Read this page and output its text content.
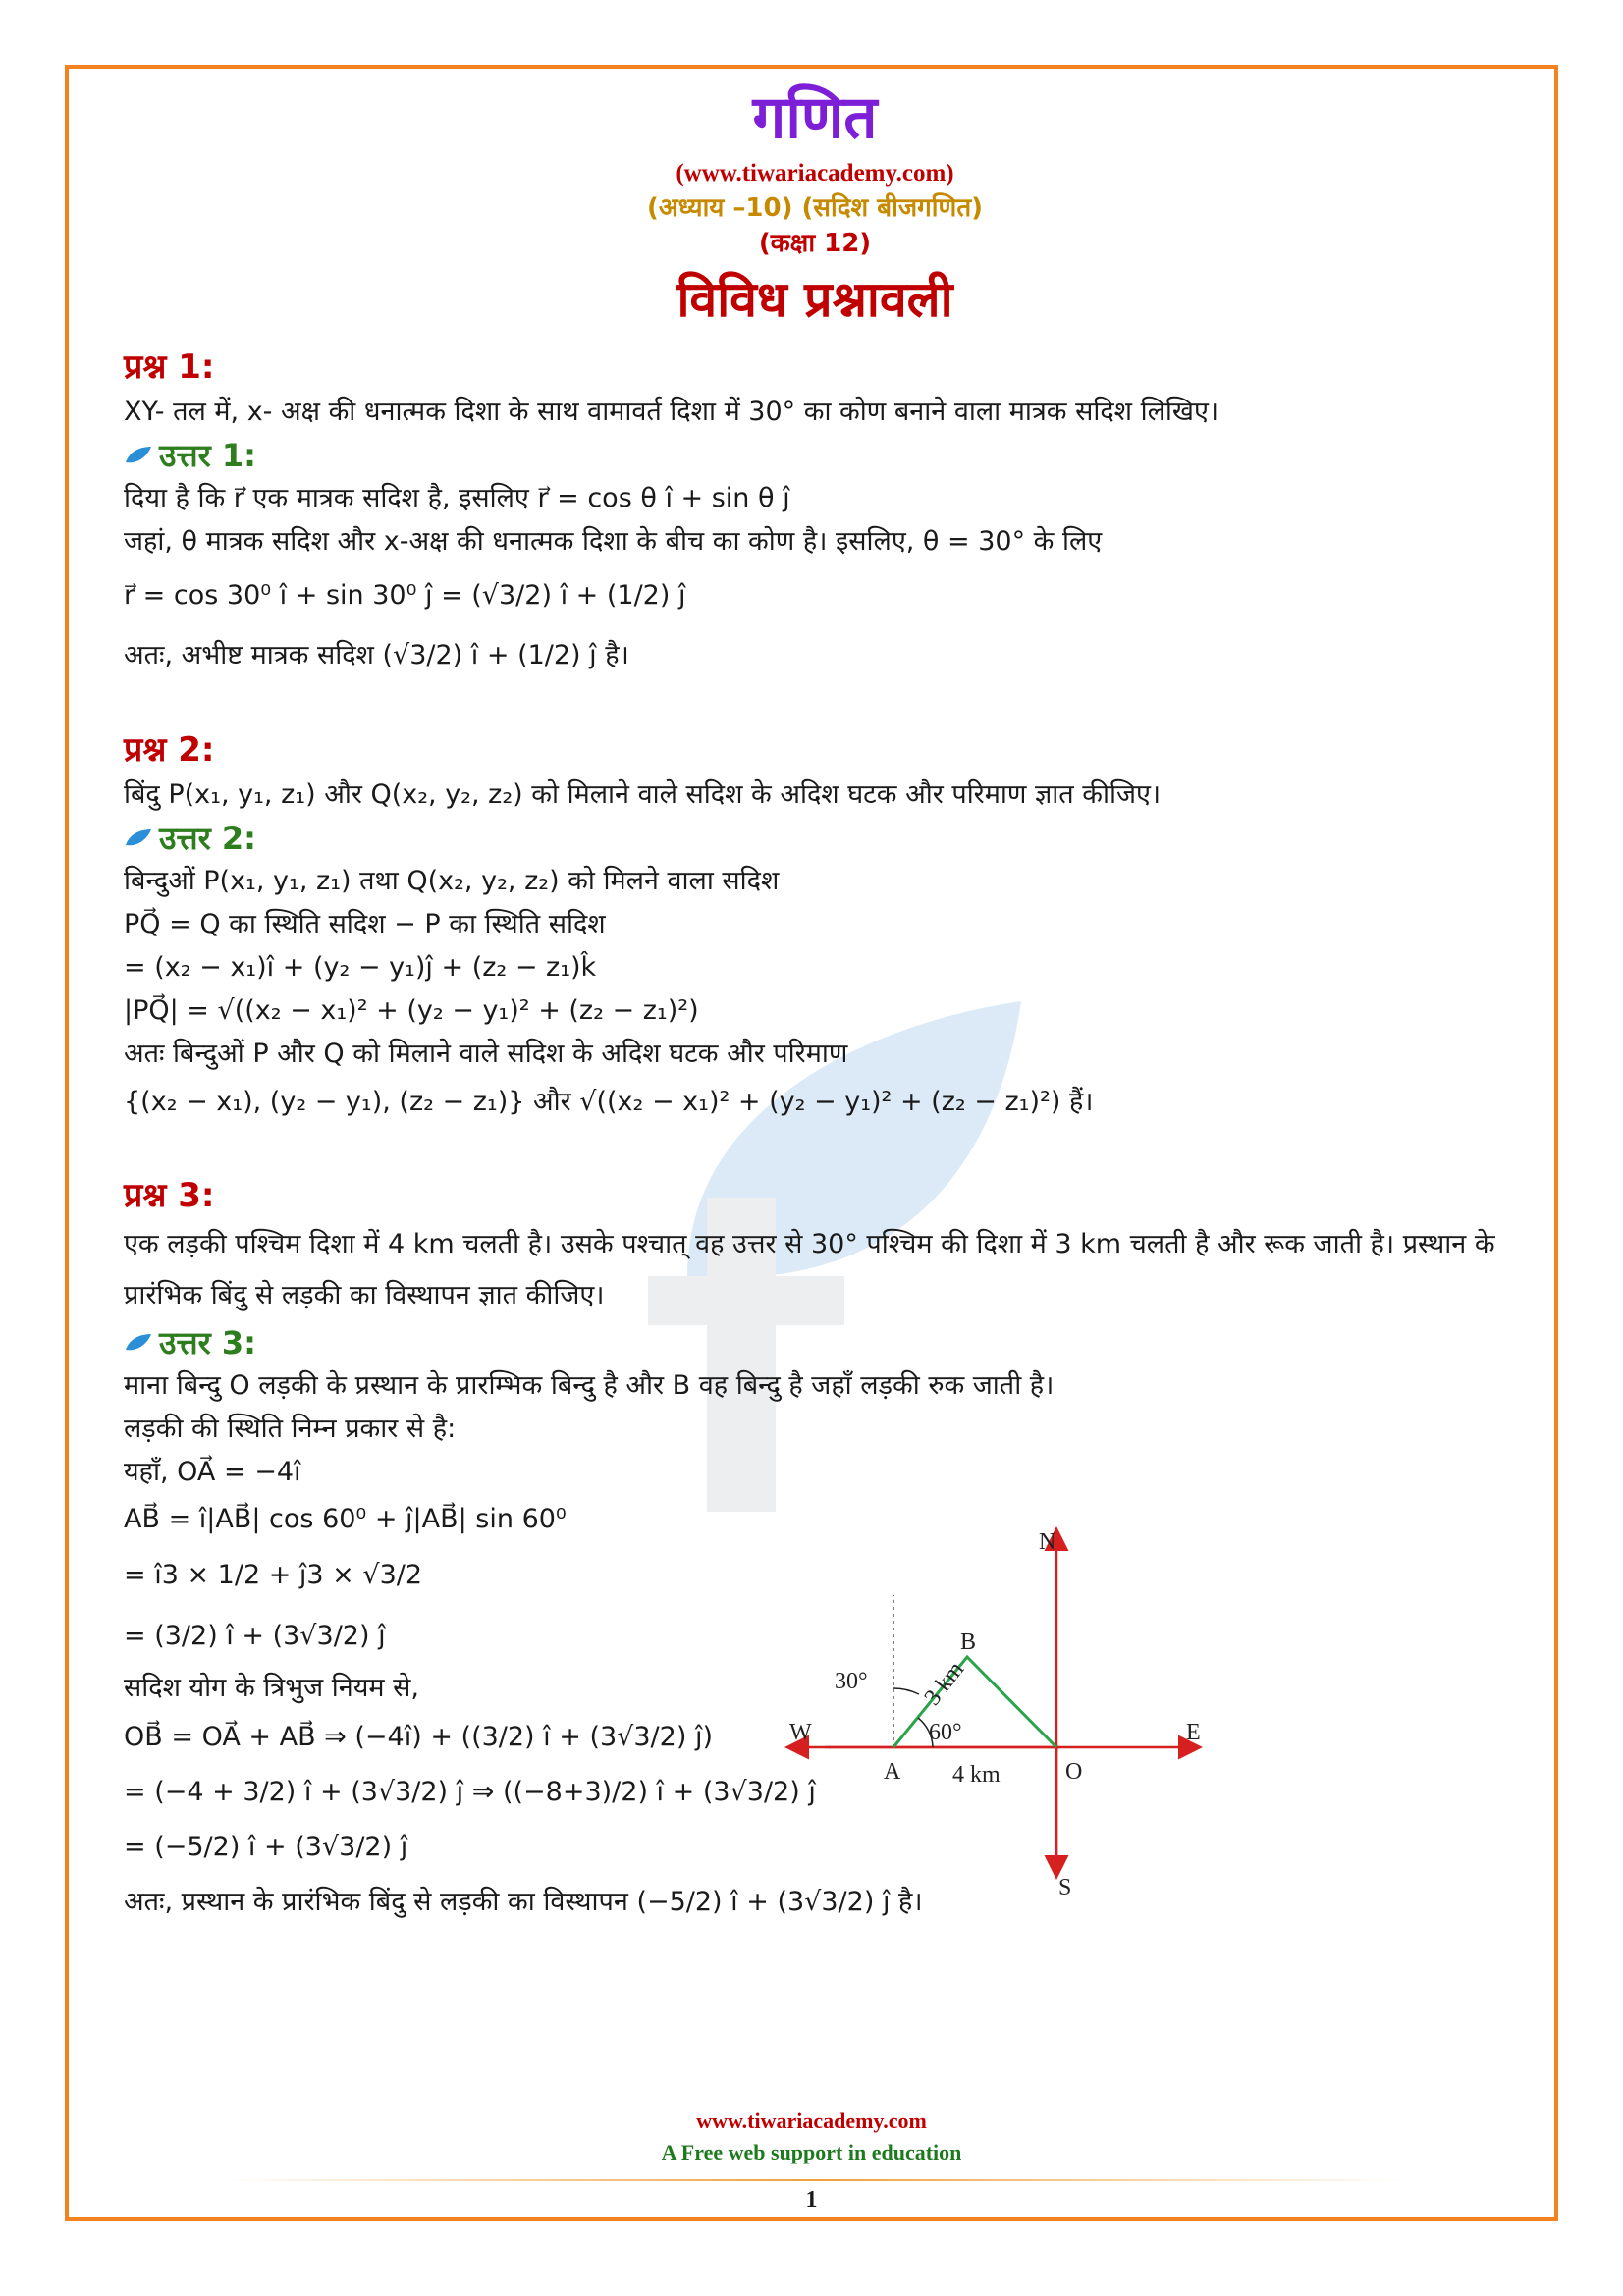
गणित
(www.tiwariacademy.com)
(अध्याय –10) (सदिश बीजगणित)
(कक्षा 12)
विविध प्रश्नावली
प्रश्न 1:
XY- तल में, x- अक्ष की धनात्मक दिशा के साथ वामावर्त दिशा में 30° का कोण बनाने वाला मात्रक सदिश लिखिए।
उत्तर 1:
दिया है कि r⃗ एक मात्रक सदिश है, इसलिए r⃗ = cos θ î + sin θ ĵ
जहां, θ मात्रक सदिश और x-अक्ष की धनात्मक दिशा के बीच का कोण है। इसलिए, θ = 30° के लिए
r⃗ = cos 30⁰ î + sin 30⁰ ĵ = (√3/2) î + (1/2) ĵ
अतः, अभीष्ट मात्रक सदिश (√3/2) î + (1/2) ĵ है।
प्रश्न 2:
बिंदु P(x₁, y₁, z₁) और Q(x₂, y₂, z₂) को मिलाने वाले सदिश के अदिश घटक और परिमाण ज्ञात कीजिए।
उत्तर 2:
बिन्दुओं P(x₁, y₁, z₁) तथा Q(x₂, y₂, z₂) को मिलने वाला सदिश
PQ⃗ = Q का स्थिति सदिश − P का स्थिति सदिश
= (x₂ − x₁)î + (y₂ − y₁)ĵ + (z₂ − z₁)k̂
|PQ⃗| = √((x₂ − x₁)² + (y₂ − y₁)² + (z₂ − z₁)²)
अतः बिन्दुओं P और Q को मिलाने वाले सदिश के अदिश घटक और परिमाण
{(x₂ − x₁), (y₂ − y₁), (z₂ − z₁)} और √((x₂ − x₁)² + (y₂ − y₁)² + (z₂ − z₁)²) हैं।
प्रश्न 3:
एक लड़की पश्चिम दिशा में 4 km चलती है। उसके पश्चात् वह उत्तर से 30° पश्चिम की दिशा में 3 km चलती है और रूक जाती है। प्रस्थान के प्रारंभिक बिंदु से लड़की का विस्थापन ज्ञात कीजिए।
उत्तर 3:
माना बिन्दु O लड़की के प्रस्थान के प्रारम्भिक बिन्दु है और B वह बिन्दु है जहाँ लड़की रुक जाती है।
लड़की की स्थिति निम्न प्रकार से है:
यहाँ, OA⃗ = −4î
AB⃗ = î|AB⃗| cos 60⁰ + ĵ|AB⃗| sin 60⁰
= î3 × 1/2 + ĵ3 × √3/2
= (3/2) î + (3√3/2) ĵ
सदिश योग के त्रिभुज नियम से,
OB⃗ = OA⃗ + AB⃗ ⇒ (−4î) + ((3/2) î + (3√3/2) ĵ)
= (−4 + 3/2) î + (3√3/2) ĵ ⇒ ((−8+3)/2) î + (3√3/2) ĵ
= (−5/2) î + (3√3/2) ĵ
अतः, प्रस्थान के प्रारंभिक बिंदु से लड़की का विस्थापन (−5/2) î + (3√3/2) ĵ है।
N
S
E
W
A
B
O
30°
60°
3 km
4 km
www.tiwariacademy.com
A Free web support in education
1
